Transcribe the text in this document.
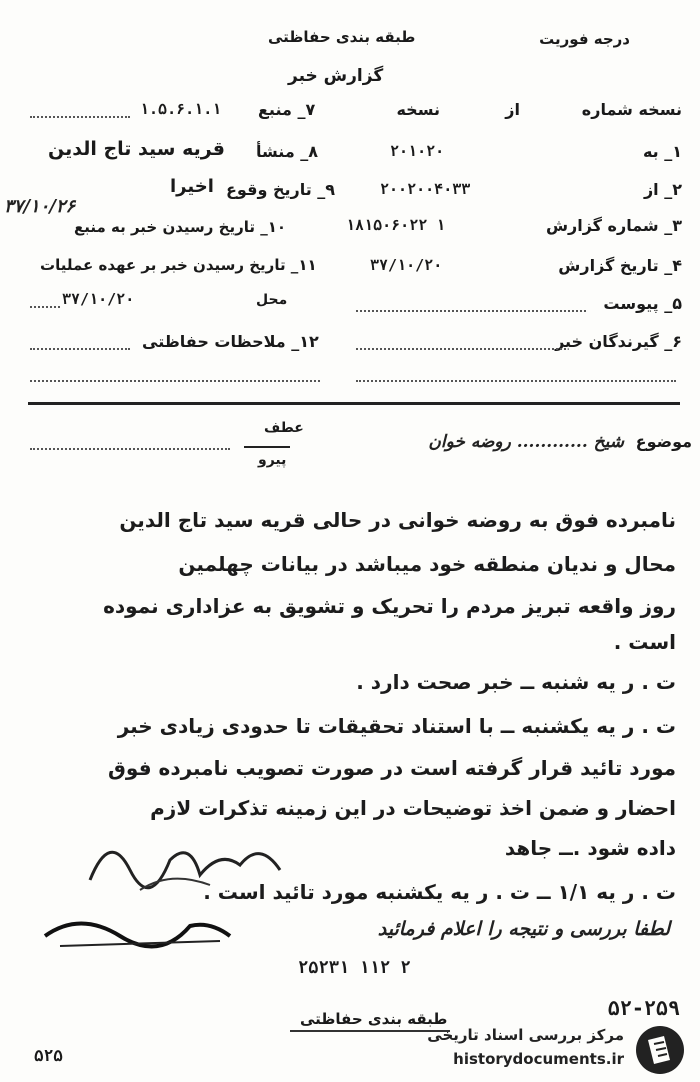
درجه فوریت
طبقه بندی حفاظتی
گزارش خبر
نسخه شماره
از
نسخه
۷_ منبع
۱.۵.۶.۱.۱
۱_ به
۲۰۱۰۲۰
۲_ از
۲۰۰۲۰۰۴۰۳۳
۳_ شماره گزارش
۱۸۱۵۰۶۰۲۲ ۱
۴_ تاریخ گزارش
۳۷/۱۰/۲۰
۵_ پیوست
۶_ گیرندگان خبر
۸_ منشأ
قریه سید تاج الدین
۹_ تاریخ وقوع
اخیرا
۱۰_ تاریخ رسیدن خبر به منبع
۳۷/۱۰/۲۶
۱۱_ تاریخ رسیدن خبر بر عهده عملیات
محل
۳۷/۱۰/۲۰
۱۲_ ملاحظات حفاظتی
موضوع
شیخ ............ روضه خوان
عطف
پیرو
نامبرده فوق به روضه خوانی در حالی قریه سید تاج الدین
محال و ندیان منطقه خود میباشد در بیانات چهلمین
روز واقعه تبریز مردم را تحریک و تشویق به عزاداری نموده
است .
ت . ر یه شنبه ــ خبر صحت دارد .
ت . ر یه یکشنبه ــ با استناد تحقیقات تا حدودی زیادی خبر
مورد تائید قرار گرفته است در صورت تصویب نامبرده فوق
احضار و ضمن اخذ توضیحات در این زمینه تذکرات لازم
داده شود .ــ جاهد
ت . ر یه ۱/۱ ــ ت . ر یه یکشنبه مورد تائید است .
لطفا بررسی و نتیجه را اعلام فرمائید
۲۵۲۳۱ ۱۱۲ ۲
۵۲-۲۵۹
طبقه بندی حفاظتی
۵۲۵
مرکز بررسی اسناد تاریخی
historydocuments.ir
